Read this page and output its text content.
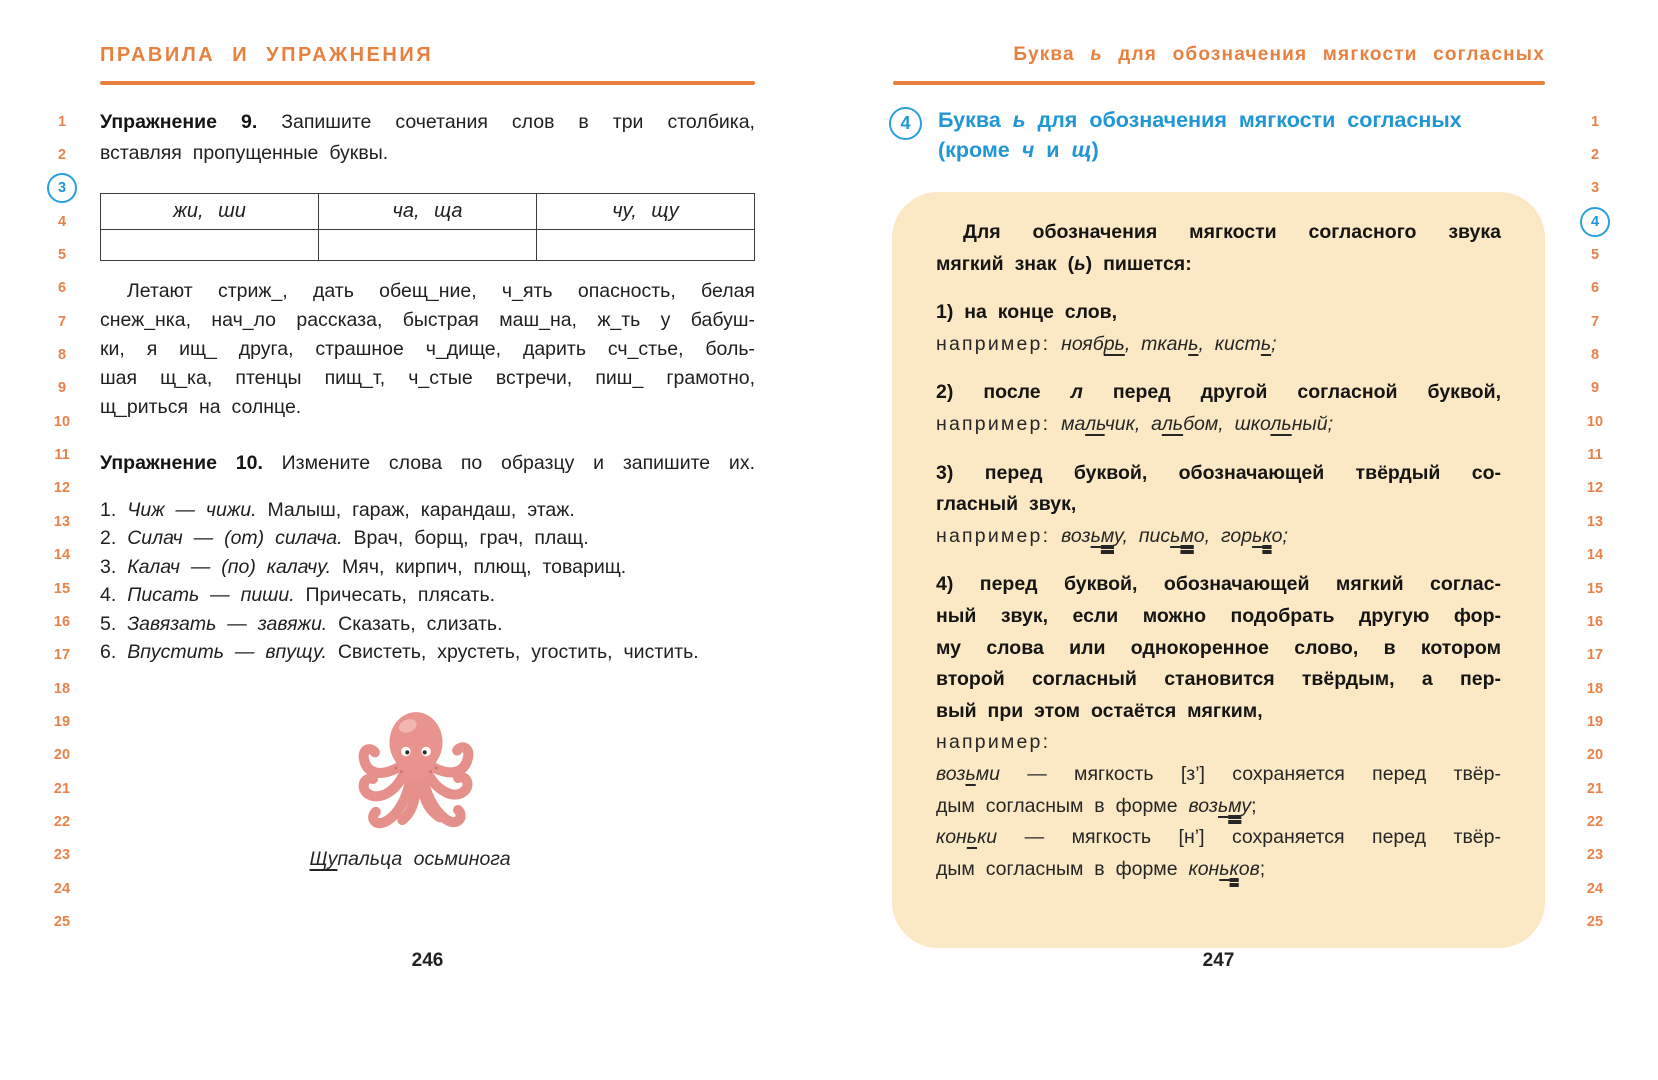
ПРАВИЛА И УПРАЖНЕНИЯ
1
2
3
4
5
6
7
8
9
10
11
12
13
14
15
16
17
18
19
20
21
22
23
24
25
Упражнение 9. Запишите сочетания слов в три столбика,
вставляя пропущенные буквы.
жи, ши	ча, ща	чу, щу
Летают стриж_, дать обещ_ние, ч_ять опасность, белая
снеж_нка, нач_ло рассказа, быстрая маш_на, ж_ть у бабуш-
ки, я ищ_ друга, страшное ч_дище, дарить сч_стье, боль-
шая щ_ка, птенцы пищ_т, ч_стые встречи, пиш_ грамотно,
щ_риться на солнце.
Упражнение 10. Измените слова по образцу и запишите их.
1. Чиж — чижи. Малыш, гараж, карандаш, этаж.
2. Силач — (от) силача. Врач, борщ, грач, плащ.
3. Калач — (по) калачу. Мяч, кирпич, плющ, товарищ.
4. Писать — пиши. Причесать, плясать.
5. Завязать — завяжи. Сказать, слизать.
6. Впустить — впущу. Свистеть, хрустеть, угостить, чистить.
Щупальца осьминога
246
Буква ь для обозначения мягкости согласных
1
2
3
4
5
6
7
8
9
10
11
12
13
14
15
16
17
18
19
20
21
22
23
24
25
4	Буква ь для обозначения мягкости согласных
(кроме ч и щ)
Для обозначения мягкости согласного звука
мягкий знак (ь) пишется:
1) на конце слов,
например: ноябрь, ткань, кисть;
2) после л перед другой согласной буквой,
например: мальчик, альбом, школьный;
3) перед буквой, обозначающей твёрдый со-
гласный звук,
например: возьму, письмо, горько;
4) перед буквой, обозначающей мягкий соглас-
ный звук, если можно подобрать другую фор-
му слова или однокоренное слово, в котором
второй согласный становится твёрдым, а пер-
вый при этом остаётся мягким,
например:
возьми — мягкость [з’] сохраняется перед твёр-
дым согласным в форме возьму;
коньки — мягкость [н’] сохраняется перед твёр-
дым согласным в форме коньков;
247
